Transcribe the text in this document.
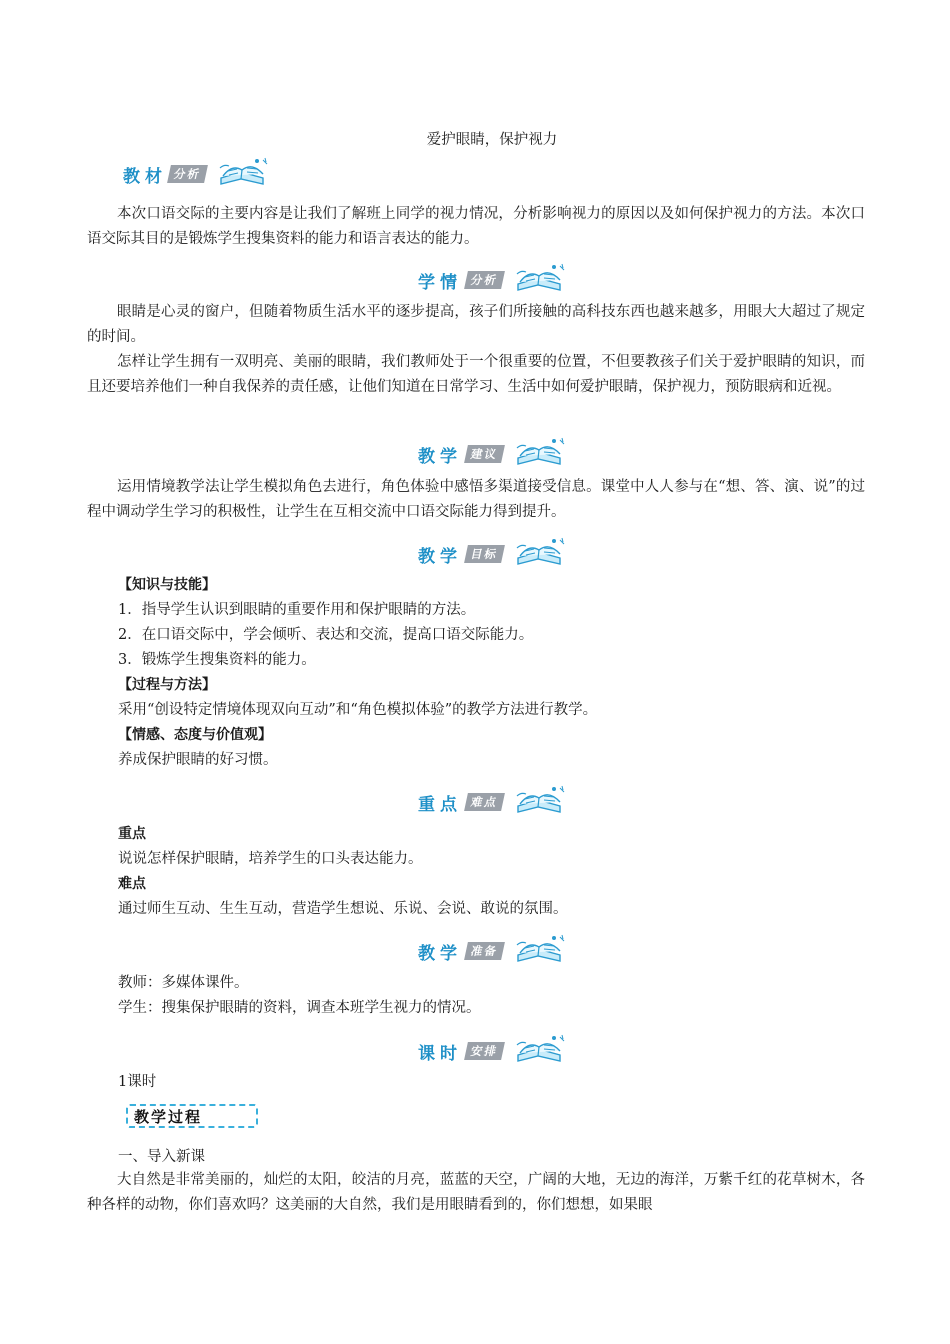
爱护眼睛，保护视力
教材 分析
本次口语交际的主要内容是让我们了解班上同学的视力情况，分析影响视力的原因以及如何保护视力的方法。本次口语交际其目的是锻炼学生搜集资料的能力和语言表达的能力。
学情 分析
眼睛是心灵的窗户，但随着物质生活水平的逐步提高，孩子们所接触的高科技东西也越来越多，用眼大大超过了规定的时间。
怎样让学生拥有一双明亮、美丽的眼睛，我们教师处于一个很重要的位置，不但要教孩子们关于爱护眼睛的知识，而且还要培养他们一种自我保养的责任感，让他们知道在日常学习、生活中如何爱护眼睛，保护视力，预防眼病和近视。
教学 建议
运用情境教学法让学生模拟角色去进行，角色体验中感悟多渠道接受信息。课堂中人人参与在“想、答、演、说”的过程中调动学生学习的积极性，让学生在互相交流中口语交际能力得到提升。
教学 目标
【知识与技能】
1．指导学生认识到眼睛的重要作用和保护眼睛的方法。
2．在口语交际中，学会倾听、表达和交流，提高口语交际能力。
3．锻炼学生搜集资料的能力。
【过程与方法】
采用“创设特定情境体现双向互动”和“角色模拟体验”的教学方法进行教学。
【情感、态度与价值观】
养成保护眼睛的好习惯。
重点 难点
重点
说说怎样保护眼睛，培养学生的口头表达能力。
难点
通过师生互动、生生互动，营造学生想说、乐说、会说、敢说的氛围。
教学 准备
教师：多媒体课件。
学生：搜集保护眼睛的资料，调查本班学生视力的情况。
课时 安排
1课时
教学过程
一、导入新课
大自然是非常美丽的，灿烂的太阳，皎洁的月亮，蓝蓝的天空，广阔的大地，无边的海洋，万紫千红的花草树木，各种各样的动物，你们喜欢吗？这美丽的大自然，我们是用眼睛看到的，你们想想，如果眼
